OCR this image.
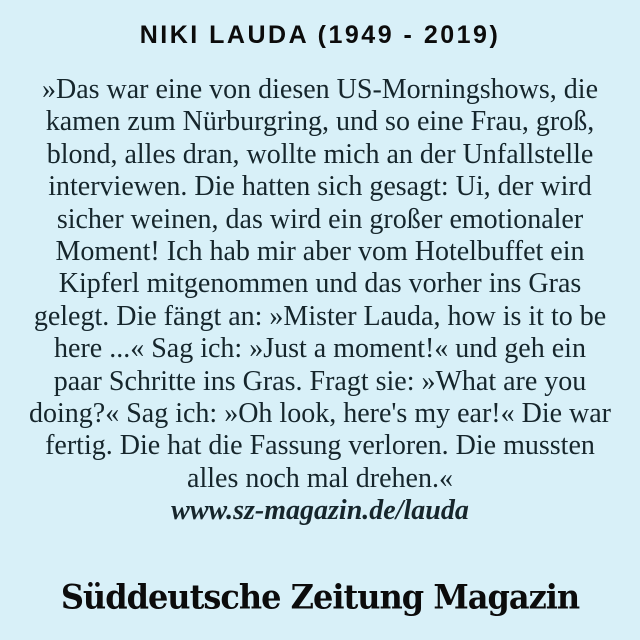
NIKI LAUDA (1949 - 2019)
»Das war eine von diesen US-Morningshows, die
kamen zum Nürburgring, und so eine Frau, groß,
blond, alles dran, wollte mich an der Unfallstelle
interviewen. Die hatten sich gesagt: Ui, der wird
sicher weinen, das wird ein großer emotionaler
Moment! Ich hab mir aber vom Hotelbuffet ein
Kipferl mitgenommen und das vorher ins Gras
gelegt. Die fängt an: »Mister Lauda, how is it to be
here ...« Sag ich: »Just a moment!« und geh ein
paar Schritte ins Gras. Fragt sie: »What are you
doing?« Sag ich: »Oh look, here's my ear!« Die war
fertig. Die hat die Fassung verloren. Die mussten
alles noch mal drehen.«
www.sz-magazin.de/lauda
Süddeutsche Zeitung Magazin
